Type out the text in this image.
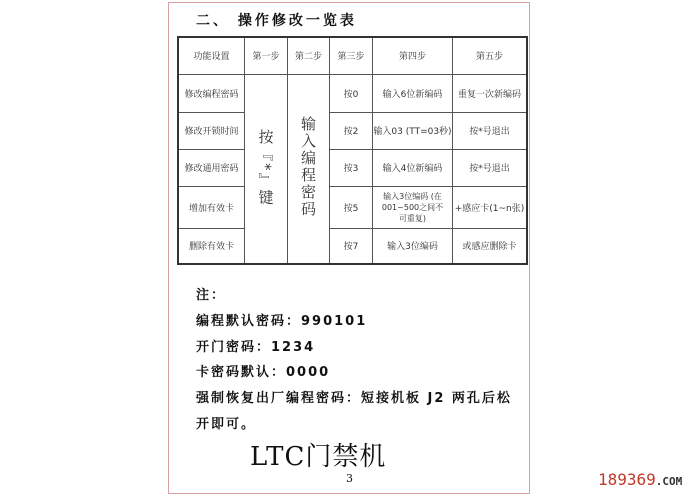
二、 操作修改一览表
功能设置	第一步	第二步	第三步	第四步	第五步
修改编程密码	按『*』键	输入编程密码	按0	输入6位新编码	重复一次新编码
修改开锁时间			按2	输入03 (TT=03秒)	按*号退出
修改通用密码			按3	输入4位新编码	按*号退出
增加有效卡			按5	输入3位编码 (在001~500之间不可重复)	+感应卡(1~n张)
删除有效卡			按7	输入3位编码	或感应删除卡
注：
编程默认密码：990101
开门密码：1234
卡密码默认：0000
强制恢复出厂编程密码：短接机板 J2 两孔后松开即可。
LTC门禁机
3	189369.COM
